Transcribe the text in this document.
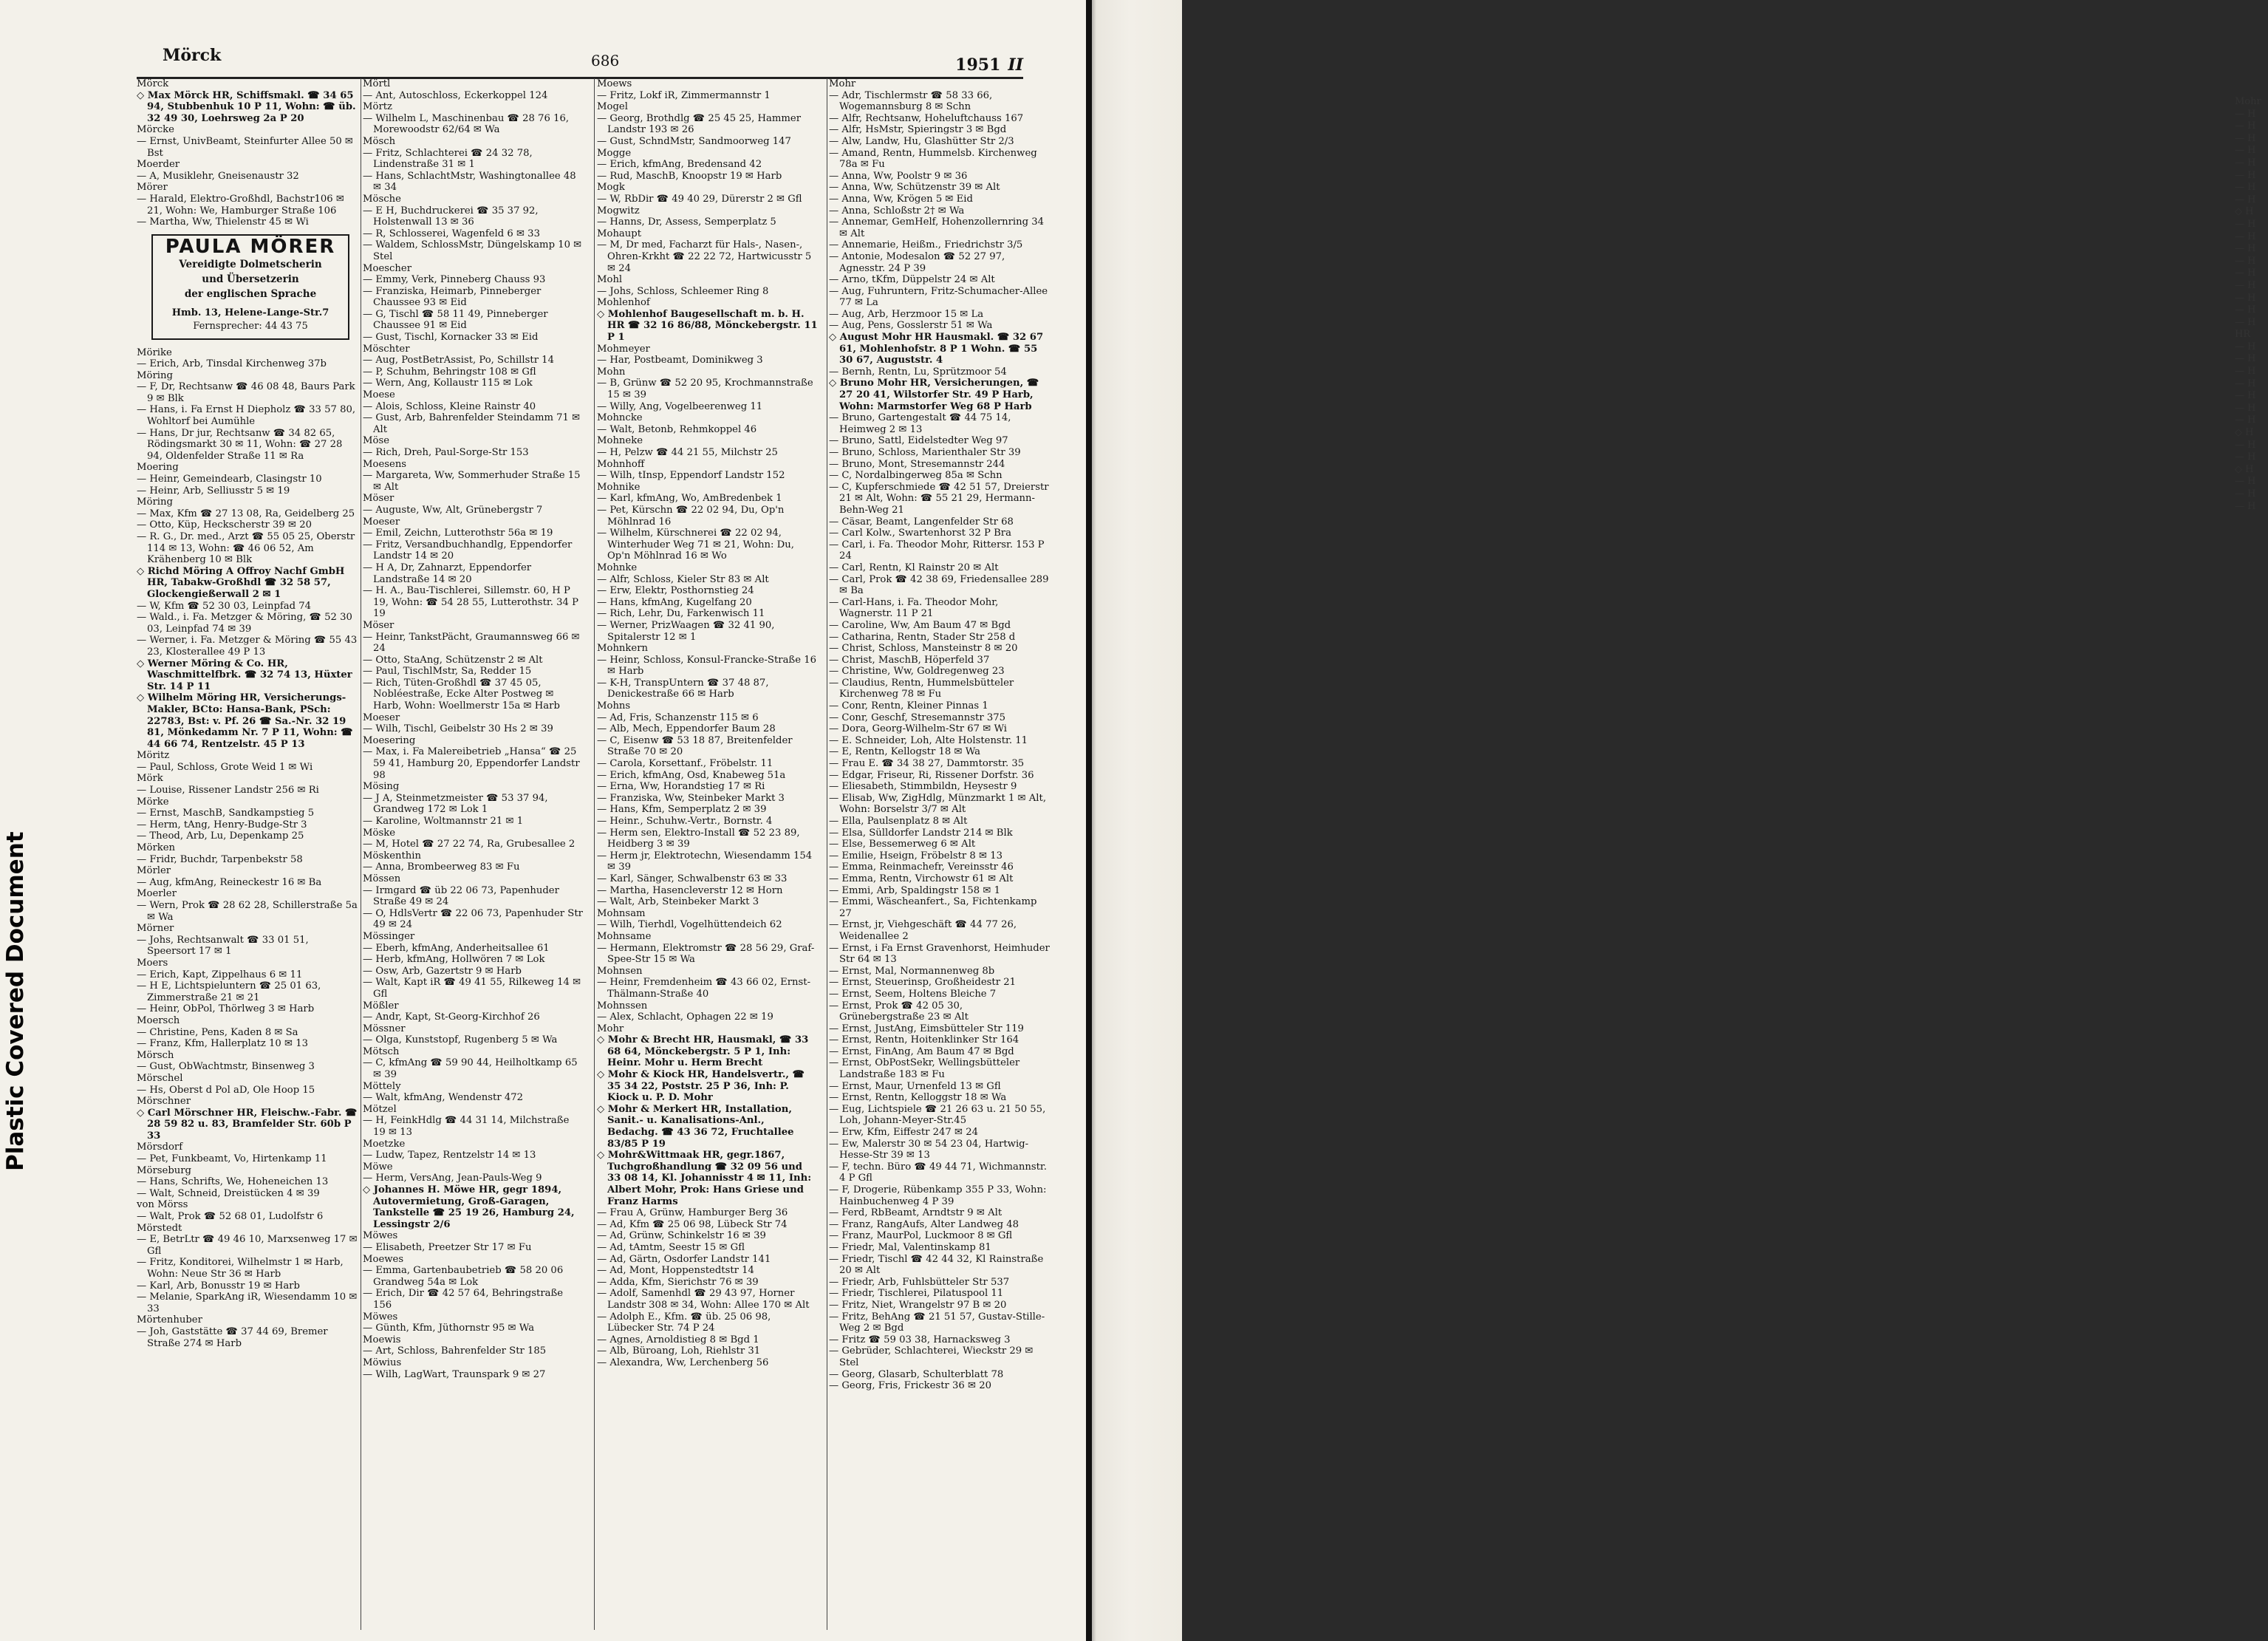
Plastic Covered Document
Mörck	686	1951 II

Mörck

◇ Max Mörck HR, Schiffsmakl. ☎ 34 65 94, Stubbenhuk 10 P 11, Wohn: ☎ üb. 32 49 30, Loehrsweg 2a P 20

Mörcke

— Ernst, UnivBeamt, Steinfurter Allee 50 ✉ Bst

Moerder

— A, Musiklehr, Gneisenaustr 32

Mörer

— Harald, Elektro-Großhdl, Bachstr106 ✉ 21, Wohn: We, Hamburger Straße 106

— Martha, Ww, Thielenstr 45 ✉ Wi

PAULA MÖRER
Vereidigte Dolmetscherin
und Übersetzerin
der englischen Sprache
Hmb. 13, Helene-Lange-Str.7
Fernsprecher: 44 43 75

Mörike

— Erich, Arb, Tinsdal Kirchenweg 37b

Möring

— F, Dr, Rechtsanw ☎ 46 08 48, Baurs Park 9 ✉ Blk

— Hans, i. Fa Ernst H Diepholz ☎ 33 57 80, Wohltorf bei Aumühle

— Hans, Dr jur, Rechtsanw ☎ 34 82 65, Rödingsmarkt 30 ✉ 11, Wohn: ☎ 27 28 94, Oldenfelder Straße 11 ✉ Ra

Moering

— Heinr, Gemeindearb, Clasingstr 10

— Heinr, Arb, Selliusstr 5 ✉ 19

Möring

— Max, Kfm ☎ 27 13 08, Ra, Geidelberg 25

— Otto, Küp, Heckscherstr 39 ✉ 20

— R. G., Dr. med., Arzt ☎ 55 05 25, Oberstr 114 ✉ 13, Wohn: ☎ 46 06 52, Am Krähenberg 10 ✉ Blk

◇ Richd Möring A Offroy Nachf GmbH HR, Tabakw-Großhdl ☎ 32 58 57, Glockengießerwall 2 ✉ 1

— W, Kfm ☎ 52 30 03, Leinpfad 74

— Wald., i. Fa. Metzger & Möring, ☎ 52 30 03, Leinpfad 74 ✉ 39

— Werner, i. Fa. Metzger & Möring ☎ 55 43 23, Klosterallee 49 P 13

◇ Werner Möring & Co. HR, Waschmittelfbrk. ☎ 32 74 13, Hüxter Str. 14 P 11

◇ Wilhelm Möring HR, Versicherungs-Makler, BCto: Hansa-Bank, PSch: 22783, Bst: v. Pf. 26 ☎ Sa.-Nr. 32 19 81, Mönkedamm Nr. 7 P 11, Wohn: ☎ 44 66 74, Rentzelstr. 45 P 13

Möritz

— Paul, Schloss, Grote Weid 1 ✉ Wi

Mörk

— Louise, Rissener Landstr 256 ✉ Ri

Mörke

— Ernst, MaschB, Sandkampstieg 5

— Herm, tAng, Henry-Budge-Str 3

— Theod, Arb, Lu, Depenkamp 25

Mörken

— Fridr, Buchdr, Tarpenbekstr 58

Mörler

— Aug, kfmAng, Reineckestr 16 ✉ Ba

Moerler

— Wern, Prok ☎ 28 62 28, Schillerstraße 5a ✉ Wa

Mörner

— Johs, Rechtsanwalt ☎ 33 01 51, Speersort 17 ✉ 1

Moers

— Erich, Kapt, Zippelhaus 6 ✉ 11

— H E, Lichtspieluntern ☎ 25 01 63, Zimmerstraße 21 ✉ 21

— Heinr, ObPol, Thörlweg 3 ✉ Harb

Moersch

— Christine, Pens, Kaden 8 ✉ Sa

— Franz, Kfm, Hallerplatz 10 ✉ 13

Mörsch

— Gust, ObWachtmstr, Binsenweg 3

Mörschel

— Hs, Oberst d Pol aD, Ole Hoop 15

Mörschner

◇ Carl Mörschner HR, Fleischw.-Fabr. ☎ 28 59 82 u. 83, Bramfelder Str. 60b P 33

Mörsdorf

— Pet, Funkbeamt, Vo, Hirtenkamp 11

Mörseburg

— Hans, Schrifts, We, Hoheneichen 13

— Walt, Schneid, Dreistücken 4 ✉ 39

von Mörss

— Walt, Prok ☎ 52 68 01, Ludolfstr 6

Mörstedt

— E, BetrLtr ☎ 49 46 10, Marxsenweg 17 ✉ Gfl

— Fritz, Konditorei, Wilhelmstr 1 ✉ Harb, Wohn: Neue Str 36 ✉ Harb

— Karl, Arb, Bonusstr 19 ✉ Harb

— Melanie, SparkAng iR, Wiesendamm 10 ✉ 33

Mörtenhuber

— Joh, Gaststätte ☎ 37 44 69, Bremer Straße 274 ✉ Harb

Mörtl

— Ant, Autoschloss, Eckerkoppel 124

Mörtz

— Wilhelm L, Maschinenbau ☎ 28 76 16, Morewoodstr 62/64 ✉ Wa

Mösch

— Fritz, Schlachterei ☎ 24 32 78, Lindenstraße 31 ✉ 1

— Hans, SchlachtMstr, Washingtonallee 48 ✉ 34

Mösche

— E H, Buchdruckerei ☎ 35 37 92, Holstenwall 13 ✉ 36

— R, Schlosserei, Wagenfeld 6 ✉ 33

— Waldem, SchlossMstr, Düngelskamp 10 ✉ Stel

Moescher

— Emmy, Verk, Pinneberg Chauss 93

— Franziska, Heimarb, Pinneberger Chaussee 93 ✉ Eid

— G, Tischl ☎ 58 11 49, Pinneberger Chaussee 91 ✉ Eid

— Gust, Tischl, Kornacker 33 ✉ Eid

Möschter

— Aug, PostBetrAssist, Po, Schillstr 14

— P, Schuhm, Behringstr 108 ✉ Gfl

— Wern, Ang, Kollaustr 115 ✉ Lok

Moese

— Alois, Schloss, Kleine Rainstr 40

— Gust, Arb, Bahrenfelder Steindamm 71 ✉ Alt

Möse

— Rich, Dreh, Paul-Sorge-Str 153

Moesens

— Margareta, Ww, Sommerhuder Straße 15 ✉ Alt

Möser

— Auguste, Ww, Alt, Grünebergstr 7

Moeser

— Emil, Zeichn, Lutterothstr 56a ✉ 19

— Fritz, Versandbuchhandlg, Eppendorfer Landstr 14 ✉ 20

— H A, Dr, Zahnarzt, Eppendorfer Landstraße 14 ✉ 20

— H. A., Bau-Tischlerei, Sillemstr. 60, H P 19, Wohn: ☎ 54 28 55, Lutterothstr. 34 P 19

Möser

— Heinr, TankstPächt, Graumannsweg 66 ✉ 24

— Otto, StaAng, Schützenstr 2 ✉ Alt

— Paul, TischlMstr, Sa, Redder 15

— Rich, Tüten-Großhdl ☎ 37 45 05, Nobléestraße, Ecke Alter Postweg ✉ Harb, Wohn: Woellmerstr 15a ✉ Harb

Moeser

— Wilh, Tischl, Geibelstr 30 Hs 2 ✉ 39

Moesering

— Max, i. Fa Malereibetrieb „Hansa“ ☎ 25 59 41, Hamburg 20, Eppendorfer Landstr 98

Mösing

— J A, Steinmetzmeister ☎ 53 37 94, Grandweg 172 ✉ Lok 1

— Karoline, Woltmannstr 21 ✉ 1

Möske

— M, Hotel ☎ 27 22 74, Ra, Grubesallee 2

Möskenthin

— Anna, Brombeerweg 83 ✉ Fu

Mössen

— Irmgard ☎ üb 22 06 73, Papenhuder Straße 49 ✉ 24

— O, HdlsVertr ☎ 22 06 73, Papenhuder Str 49 ✉ 24

Mössinger

— Eberh, kfmAng, Anderheitsallee 61

— Herb, kfmAng, Hollwören 7 ✉ Lok

— Osw, Arb, Gazertstr 9 ✉ Harb

— Walt, Kapt iR ☎ 49 41 55, Rilkeweg 14 ✉ Gfl

Mößler

— Andr, Kapt, St-Georg-Kirchhof 26

Mössner

— Olga, Kunststopf, Rugenberg 5 ✉ Wa

Mötsch

— C, kfmAng ☎ 59 90 44, Heilholtkamp 65 ✉ 39

Möttely

— Walt, kfmAng, Wendenstr 472

Mötzel

— H, FeinkHdlg ☎ 44 31 14, Milchstraße 19 ✉ 13

Moetzke

— Ludw, Tapez, Rentzelstr 14 ✉ 13

Möwe

— Herm, VersAng, Jean-Pauls-Weg 9

◇ Johannes H. Möwe HR, gegr 1894, Autovermietung, Groß-Garagen, Tankstelle ☎ 25 19 26, Hamburg 24, Lessingstr 2/6

Möwes

— Elisabeth, Preetzer Str 17 ✉ Fu

Moewes

— Emma, Gartenbaubetrieb ☎ 58 20 06 Grandweg 54a ✉ Lok

— Erich, Dir ☎ 42 57 64, Behringstraße 156

Möwes

— Günth, Kfm, Jüthornstr 95 ✉ Wa

Moewis

— Art, Schloss, Bahrenfelder Str 185

Möwius

— Wilh, LagWart, Traunspark 9 ✉ 27

Moews

— Fritz, Lokf iR, Zimmermannstr 1

Mogel

— Georg, Brothdlg ☎ 25 45 25, Hammer Landstr 193 ✉ 26

— Gust, SchndMstr, Sandmoorweg 147

Mogge

— Erich, kfmAng, Bredensand 42

— Rud, MaschB, Knoopstr 19 ✉ Harb

Mogk

— W, RbDir ☎ 49 40 29, Dürerstr 2 ✉ Gfl

Mogwitz

— Hanns, Dr, Assess, Semperplatz 5

Mohaupt

— M, Dr med, Facharzt für Hals-, Nasen-, Ohren-Krkht ☎ 22 22 72, Hartwicusstr 5 ✉ 24

Mohl

— Johs, Schloss, Schleemer Ring 8

Mohlenhof

◇ Mohlenhof Baugesellschaft m. b. H. HR ☎ 32 16 86/88, Mönckebergstr. 11 P 1

Mohmeyer

— Har, Postbeamt, Dominikweg 3

Mohn

— B, Grünw ☎ 52 20 95, Krochmannstraße 15 ✉ 39

— Willy, Ang, Vogelbeerenweg 11

Mohncke

— Walt, Betonb, Rehmkoppel 46

Mohneke

— H, Pelzw ☎ 44 21 55, Milchstr 25

Mohnhoff

— Wilh, tInsp, Eppendorf Landstr 152

Mohnike

— Karl, kfmAng, Wo, AmBredenbek 1

— Pet, Kürschn ☎ 22 02 94, Du, Op'n Möhlnrad 16

— Wilhelm, Kürschnerei ☎ 22 02 94, Winterhuder Weg 71 ✉ 21, Wohn: Du, Op'n Möhlnrad 16 ✉ Wo

Mohnke

— Alfr, Schloss, Kieler Str 83 ✉ Alt

— Erw, Elektr, Posthornstieg 24

— Hans, kfmAng, Kugelfang 20

— Rich, Lehr, Du, Farkenwisch 11

— Werner, PrizWaagen ☎ 32 41 90, Spitalerstr 12 ✉ 1

Mohnkern

— Heinr, Schloss, Konsul-Francke-Straße 16 ✉ Harb

— K-H, TranspUntern ☎ 37 48 87, Denickestraße 66 ✉ Harb

Mohns

— Ad, Fris, Schanzenstr 115 ✉ 6

— Alb, Mech, Eppendorfer Baum 28

— C, Eisenw ☎ 53 18 87, Breitenfelder Straße 70 ✉ 20

— Carola, Korsettanf., Fröbelstr. 11

— Erich, kfmAng, Osd, Knabeweg 51a

— Erna, Ww, Horandstieg 17 ✉ Ri

— Franziska, Ww, Steinbeker Markt 3

— Hans, Kfm, Semperplatz 2 ✉ 39

— Heinr., Schuhw.-Vertr., Bornstr. 4

— Herm sen, Elektro-Install ☎ 52 23 89, Heidberg 3 ✉ 39

— Herm jr, Elektrotechn, Wiesendamm 154 ✉ 39

— Karl, Sänger, Schwalbenstr 63 ✉ 33

— Martha, Hasencleverstr 12 ✉ Horn

— Walt, Arb, Steinbeker Markt 3

Mohnsam

— Wilh, Tierhdl, Vogelhüttendeich 62

Mohnsame

— Hermann, Elektromstr ☎ 28 56 29, Graf-Spee-Str 15 ✉ Wa

Mohnsen

— Heinr, Fremdenheim ☎ 43 66 02, Ernst-Thälmann-Straße 40

Mohnssen

— Alex, Schlacht, Ophagen 22 ✉ 19

Mohr

◇ Mohr & Brecht HR, Hausmakl, ☎ 33 68 64, Mönckebergstr. 5 P 1, Inh: Heinr. Mohr u. Herm Brecht

◇ Mohr & Kiock HR, Handelsvertr., ☎ 35 34 22, Poststr. 25 P 36, Inh: P. Kiock u. P. D. Mohr

◇ Mohr & Merkert HR, Installation, Sanit.- u. Kanalisations-Anl., Bedachg. ☎ 43 36 72, Fruchtallee 83/85 P 19

◇ Mohr&Wittmaak HR, gegr.1867, Tuchgroßhandlung ☎ 32 09 56 und 33 08 14, Kl. Johannisstr 4 ✉ 11, Inh: Albert Mohr, Prok: Hans Griese und Franz Harms

— Frau A, Grünw, Hamburger Berg 36

— Ad, Kfm ☎ 25 06 98, Lübeck Str 74

— Ad, Grünw, Schinkelstr 16 ✉ 39

— Ad, tAmtm, Seestr 15 ✉ Gfl

— Ad, Gärtn, Osdorfer Landstr 141

— Ad, Mont, Hoppenstedtstr 14

— Adda, Kfm, Sierichstr 76 ✉ 39

— Adolf, Samenhdl ☎ 29 43 97, Horner Landstr 308 ✉ 34, Wohn: Allee 170 ✉ Alt

— Adolph E., Kfm. ☎ üb. 25 06 98, Lübecker Str. 74 P 24

— Agnes, Arnoldistieg 8 ✉ Bgd 1

— Alb, Büroang, Loh, Riehlstr 31

— Alexandra, Ww, Lerchenberg 56

Mohr

— Adr, Tischlermstr ☎ 58 33 66, Wogemannsburg 8 ✉ Schn

— Alfr, Rechtsanw, Hoheluftchauss 167

— Alfr, HsMstr, Spieringstr 3 ✉ Bgd

— Alw, Landw, Hu, Glashütter Str 2/3

— Amand, Rentn, Hummelsb. Kirchenweg 78a ✉ Fu

— Anna, Ww, Poolstr 9 ✉ 36

— Anna, Ww, Schützenstr 39 ✉ Alt

— Anna, Ww, Krögen 5 ✉ Eid

— Anna, Schloßstr 2† ✉ Wa

— Annemar, GemHelf, Hohenzollernring 34 ✉ Alt

— Annemarie, Heißm., Friedrichstr 3/5

— Antonie, Modesalon ☎ 52 27 97, Agnesstr. 24 P 39

— Arno, tKfm, Düppelstr 24 ✉ Alt

— Aug, Fuhruntern, Fritz-Schumacher-Allee 77 ✉ La

— Aug, Arb, Herzmoor 15 ✉ La

— Aug, Pens, Gosslerstr 51 ✉ Wa

◇ August Mohr HR Hausmakl. ☎ 32 67 61, Mohlenhofstr. 8 P 1 Wohn. ☎ 55 30 67, Auguststr. 4

— Bernh, Rentn, Lu, Sprützmoor 54

◇ Bruno Mohr HR, Versicherungen, ☎ 27 20 41, Wilstorfer Str. 49 P Harb, Wohn: Marmstorfer Weg 68 P Harb

— Bruno, Gartengestalt ☎ 44 75 14, Heimweg 2 ✉ 13

— Bruno, Sattl, Eidelstedter Weg 97

— Bruno, Schloss, Marienthaler Str 39

— Bruno, Mont, Stresemannstr 244

— C, Nordalbingerweg 85a ✉ Schn

— C, Kupferschmiede ☎ 42 51 57, Dreierstr 21 ✉ Alt, Wohn: ☎ 55 21 29, Hermann-Behn-Weg 21

— Cäsar, Beamt, Langenfelder Str 68

— Carl Kolw., Swartenhorst 32 P Bra

— Carl, i. Fa. Theodor Mohr, Rittersr. 153 P 24

— Carl, Rentn, Kl Rainstr 20 ✉ Alt

— Carl, Prok ☎ 42 38 69, Friedensallee 289 ✉ Ba

— Carl-Hans, i. Fa. Theodor Mohr, Wagnerstr. 11 P 21

— Caroline, Ww, Am Baum 47 ✉ Bgd

— Catharina, Rentn, Stader Str 258 d

— Christ, Schloss, Mansteinstr 8 ✉ 20

— Christ, MaschB, Höperfeld 37

— Christine, Ww, Goldregenweg 23

— Claudius, Rentn, Hummelsbütteler Kirchenweg 78 ✉ Fu

— Conr, Rentn, Kleiner Pinnas 1

— Conr, Geschf, Stresemannstr 375

— Dora, Georg-Wilhelm-Str 67 ✉ Wi

— E. Schneider, Loh, Alte Holstenstr. 11

— E, Rentn, Kellogstr 18 ✉ Wa

— Frau E. ☎ 34 38 27, Dammtorstr. 35

— Edgar, Friseur, Ri, Rissener Dorfstr. 36

— Eliesabeth, Stimmbildn, Heysestr 9

— Elisab, Ww, ZigHdlg, Münzmarkt 1 ✉ Alt, Wohn: Borselstr 3/7 ✉ Alt

— Ella, Paulsenplatz 8 ✉ Alt

— Elsa, Sülldorfer Landstr 214 ✉ Blk

— Else, Bessemerweg 6 ✉ Alt

— Emilie, Hseign, Fröbelstr 8 ✉ 13

— Emma, Reinmachefr, Vereinsstr 46

— Emma, Rentn, Virchowstr 61 ✉ Alt

— Emmi, Arb, Spaldingstr 158 ✉ 1

— Emmi, Wäscheanfert., Sa, Fichtenkamp 27

— Ernst, jr, Viehgeschäft ☎ 44 77 26, Weidenallee 2

— Ernst, i Fa Ernst Gravenhorst, Heimhuder Str 64 ✉ 13

— Ernst, Mal, Normannenweg 8b

— Ernst, Steuerinsp, Großheidestr 21

— Ernst, Seem, Holtens Bleiche 7

— Ernst, Prok ☎ 42 05 30, Grünebergstraße 23 ✉ Alt

— Ernst, JustAng, Eimsbütteler Str 119

— Ernst, Rentn, Hoitenklinker Str 164

— Ernst, FinAng, Am Baum 47 ✉ Bgd

— Ernst, ObPostSekr, Wellingsbütteler Landstraße 183 ✉ Fu

— Ernst, Maur, Urnenfeld 13 ✉ Gfl

— Ernst, Rentn, Kelloggstr 18 ✉ Wa

— Eug, Lichtspiele ☎ 21 26 63 u. 21 50 55, Loh, Johann-Meyer-Str.45

— Erw, Kfm, Eiffestr 247 ✉ 24

— Ew, Malerstr 30 ✉ 54 23 04, Hartwig-Hesse-Str 39 ✉ 13

— F, techn. Büro ☎ 49 44 71, Wichmannstr. 4 P Gfl

— F, Drogerie, Rübenkamp 355 P 33, Wohn: Hainbuchenweg 4 P 39

— Ferd, RbBeamt, Arndtstr 9 ✉ Alt

— Franz, RangAufs, Alter Landweg 48

— Franz, MaurPol, Luckmoor 8 ✉ Gfl

— Friedr, Mal, Valentinskamp 81

— Friedr, Tischl ☎ 42 44 32, Kl Rainstraße 20 ✉ Alt

— Friedr, Arb, Fuhlsbütteler Str 537

— Friedr, Tischlerei, Pilatuspool 11

— Fritz, Niet, Wrangelstr 97 B ✉ 20

— Fritz, BehAng ☎ 21 51 57, Gustav-Stille-Weg 2 ✉ Bgd

— Fritz ☎ 59 03 38, Harnacksweg 3

— Gebrüder, Schlachterei, Wieckstr 29 ✉ Stel

— Georg, Glasarb, Schulterblatt 78

— Georg, Fris, Frickestr 36 ✉ 20

Mohr
— H
— H
— H
— H
— H
— H
— H
— H
◇ H
— H
— H
— H
— H
— H
— H
— H
— H
— H
HR
— H
— H
— H
— H
— H
— H
— H
◇ H
— H
— H
◇ H
— H
— H
— H
